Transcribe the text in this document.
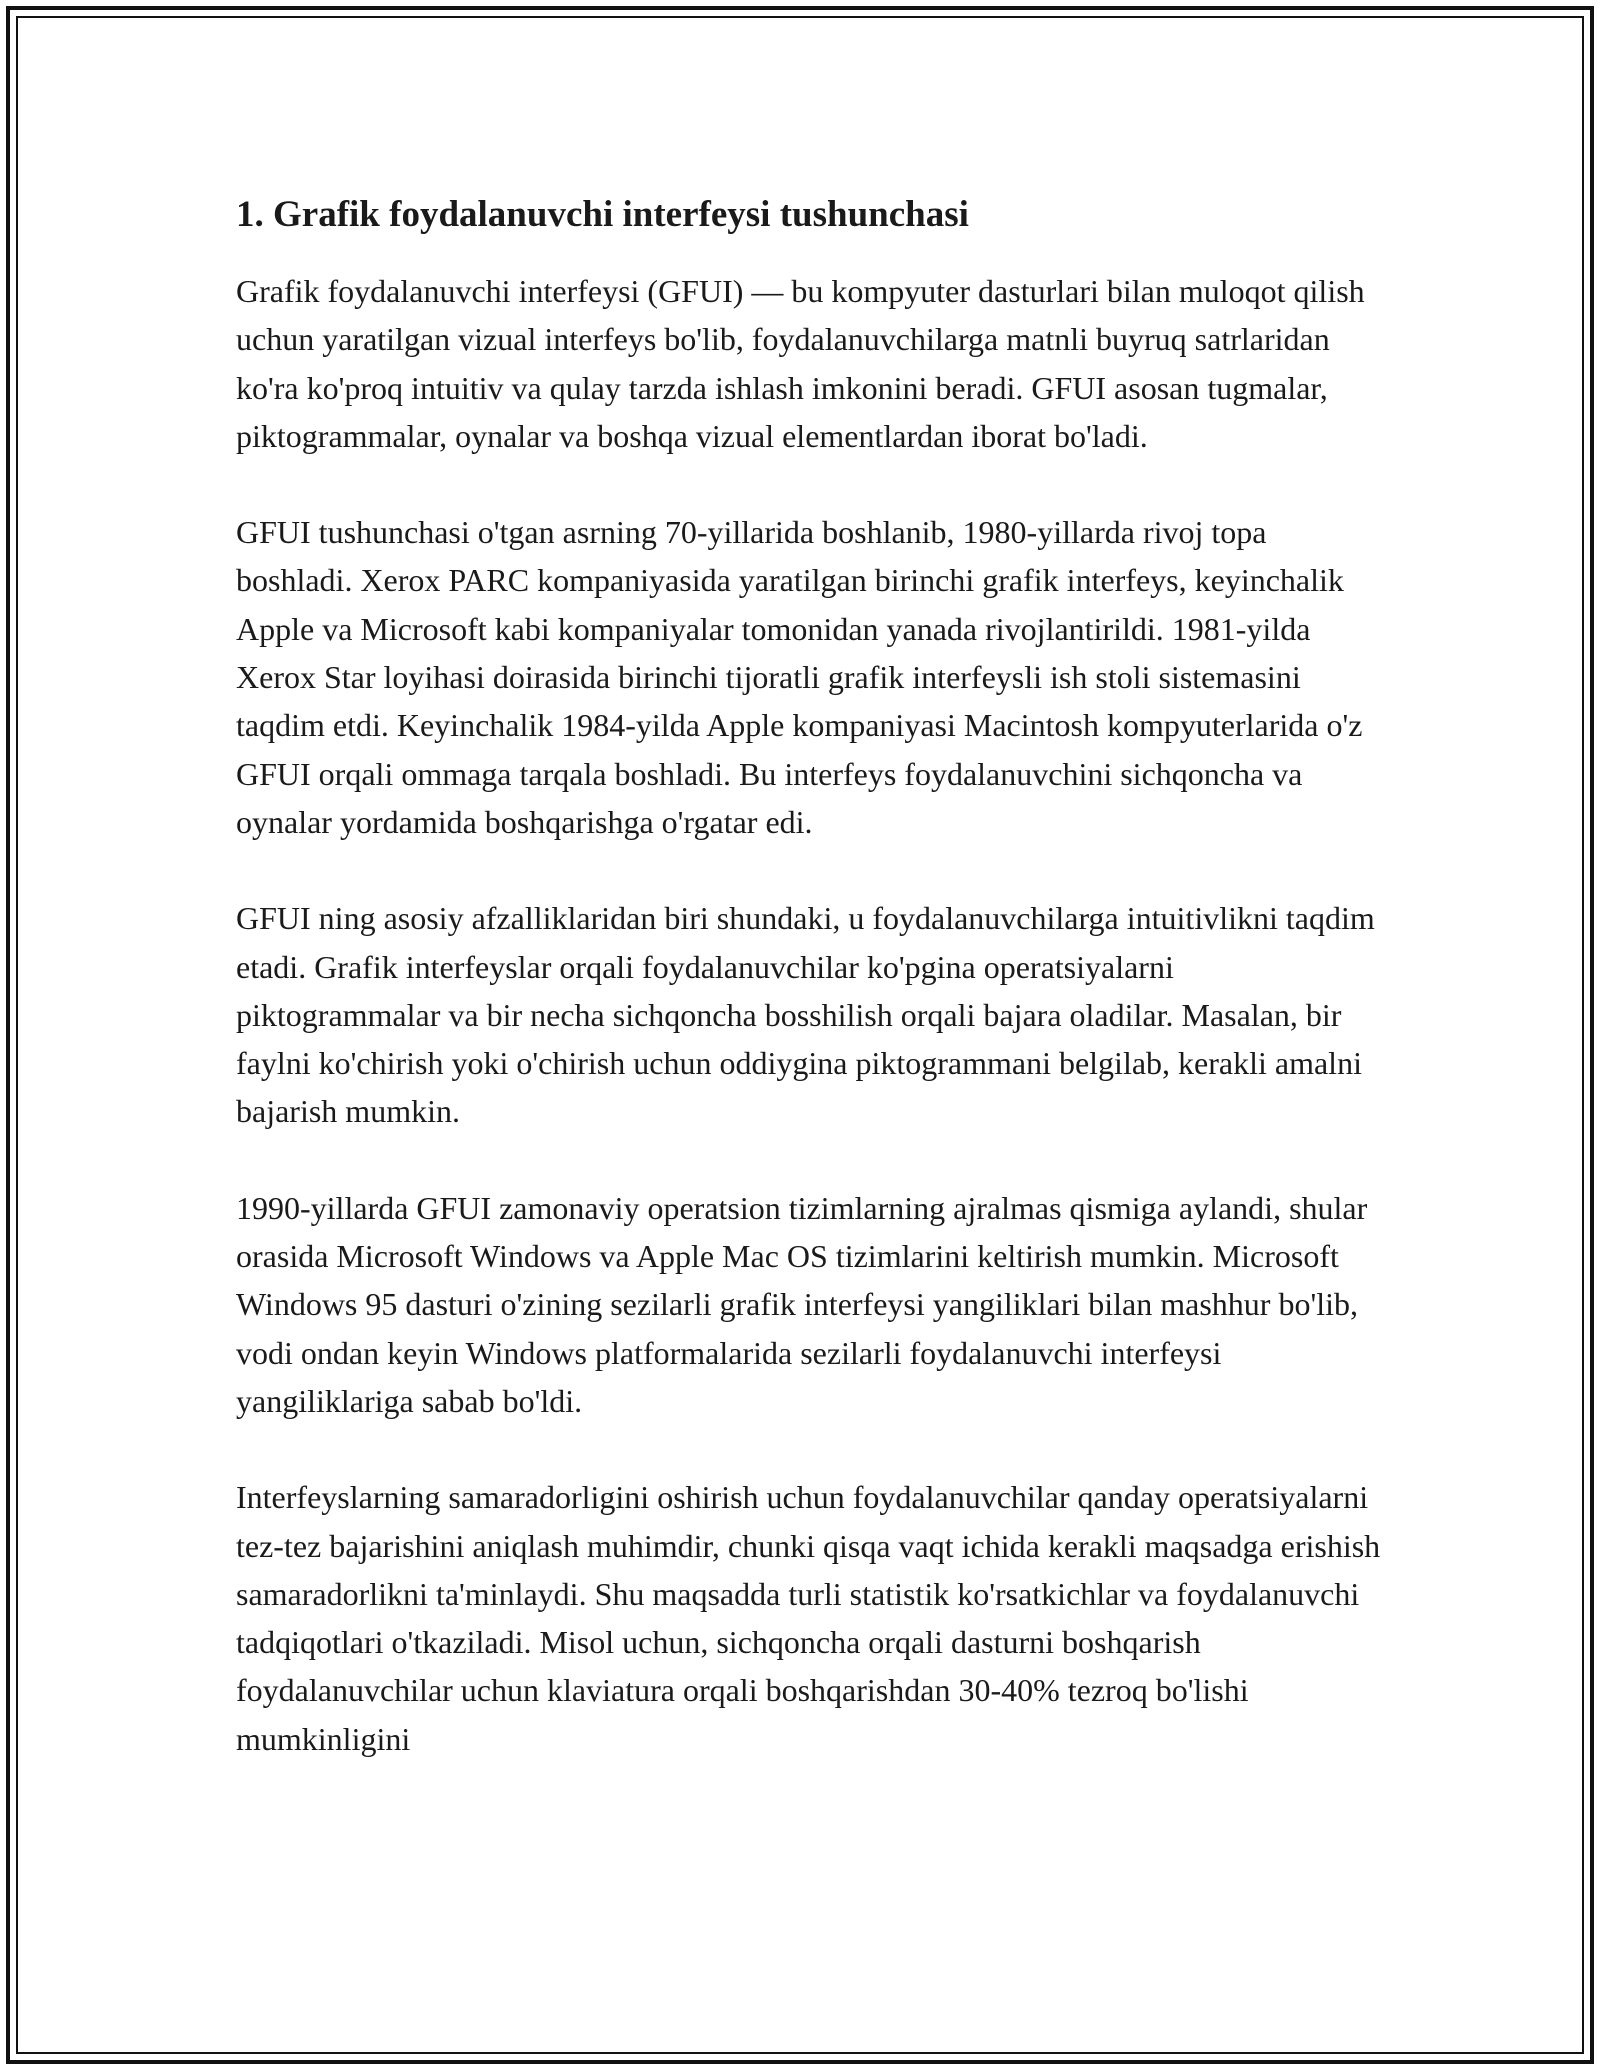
1. Grafik foydalanuvchi interfeysi tushunchasi

Grafik foydalanuvchi interfeysi (GFUI) — bu kompyuter dasturlari bilan muloqot qilish uchun yaratilgan vizual interfeys bo'lib, foydalanuvchilarga matnli buyruq satrlaridan ko'ra ko'proq intuitiv va qulay tarzda ishlash imkonini beradi. GFUI asosan tugmalar, piktogrammalar, oynalar va boshqa vizual elementlardan iborat bo'ladi.

GFUI tushunchasi o'tgan asrning 70-yillarida boshlanib, 1980-yillarda rivoj topa boshladi. Xerox PARC kompaniyasida yaratilgan birinchi grafik interfeys, keyinchalik Apple va Microsoft kabi kompaniyalar tomonidan yanada rivojlantirildi. 1981-yilda Xerox Star loyihasi doirasida birinchi tijoratli grafik interfeysli ish stoli sistemasini taqdim etdi. Keyinchalik 1984-yilda Apple kompaniyasi Macintosh kompyuterlarida o'z GFUI orqali ommaga tarqala boshladi. Bu interfeys foydalanuvchini sichqoncha va oynalar yordamida boshqarishga o'rgatar edi.

GFUI ning asosiy afzalliklaridan biri shundaki, u foydalanuvchilarga intuitivlikni taqdim etadi. Grafik interfeyslar orqali foydalanuvchilar ko'pgina operatsiyalarni piktogrammalar va bir necha sichqoncha bosshilish orqali bajara oladilar. Masalan, bir faylni ko'chirish yoki o'chirish uchun oddiygina piktogrammani belgilab, kerakli amalni bajarish mumkin.

1990-yillarda GFUI zamonaviy operatsion tizimlarning ajralmas qismiga aylandi, shular orasida Microsoft Windows va Apple Mac OS tizimlarini keltirish mumkin. Microsoft Windows 95 dasturi o'zining sezilarli grafik interfeysi yangiliklari bilan mashhur bo'lib, vodi ondan keyin Windows platformalarida sezilarli foydalanuvchi interfeysi yangiliklariga sabab bo'ldi.

Interfeyslarning samaradorligini oshirish uchun foydalanuvchilar qanday operatsiyalarni tez-tez bajarishini aniqlash muhimdir, chunki qisqa vaqt ichida kerakli maqsadga erishish samaradorlikni ta'minlaydi. Shu maqsadda turli statistik ko'rsatkichlar va foydalanuvchi tadqiqotlari o'tkaziladi. Misol uchun, sichqoncha orqali dasturni boshqarish foydalanuvchilar uchun klaviatura orqali boshqarishdan 30-40% tezroq bo'lishi mumkinligini
